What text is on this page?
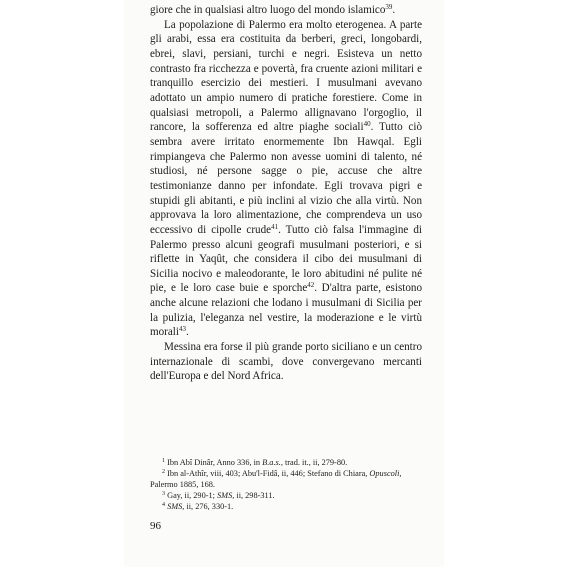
giore che in qualsiasi altro luogo del mondo islamico$^{39}$.

La popolazione di Palermo era molto eterogenea. A parte gli arabi, essa era costituita da berberi, greci, longobardi, ebrei, slavi, persiani, turchi e negri. Esisteva un netto contrasto fra ricchezza e povertà, fra cruente azioni militari e tranquillo esercizio dei mestieri. I musulmani avevano adottato un ampio numero di pratiche forestiere. Come in qualsiasi metropoli, a Palermo allignavano l'orgoglio, il rancore, la sofferenza ed altre piaghe sociali$^{40}$. Tutto ciò sembra avere irritato enormemente Ibn Hawqal. Egli rimpiangeva che Palermo non avesse uomini di talento, né studiosi, né persone sagge o pie, accuse che altre testimonianze danno per infondate. Egli trovava pigri e stupidi gli abitanti, e più inclini al vizio che alla virtù. Non approvava la loro alimentazione, che comprendeva un uso eccessivo di cipolle crude$^{41}$. Tutto ciò falsa l'immagine di Palermo presso alcuni geografi musulmani posteriori, e si riflette in Yaqût, che considera il cibo dei musulmani di Sicilia nocivo e maleodorante, le loro abitudini né pulite né pie, e le loro case buie e sporche$^{42}$. D'altra parte, esistono anche alcune relazioni che lodano i musulmani di Sicilia per la pulizia, l'eleganza nel vestire, la moderazione e le virtù morali$^{43}$.

Messina era forse il più grande porto siciliano e un centro internazionale di scambi, dove convergevano mercanti dell'Europa e del Nord Africa.

$^1$ Ibn Abî Dinâr, Anno 336, in B.a.s., trad. it., ii, 279-80.

$^2$ Ibn al-Athîr, viii, 403; Abu'l-Fidâ, ii, 446; Stefano di Chiara, Opuscoli, Palermo 1885, 168.

$^3$ Gay, ii, 290-1; SMS, ii, 298-311.

$^4$ SMS, ii, 276, 330-1.

96
